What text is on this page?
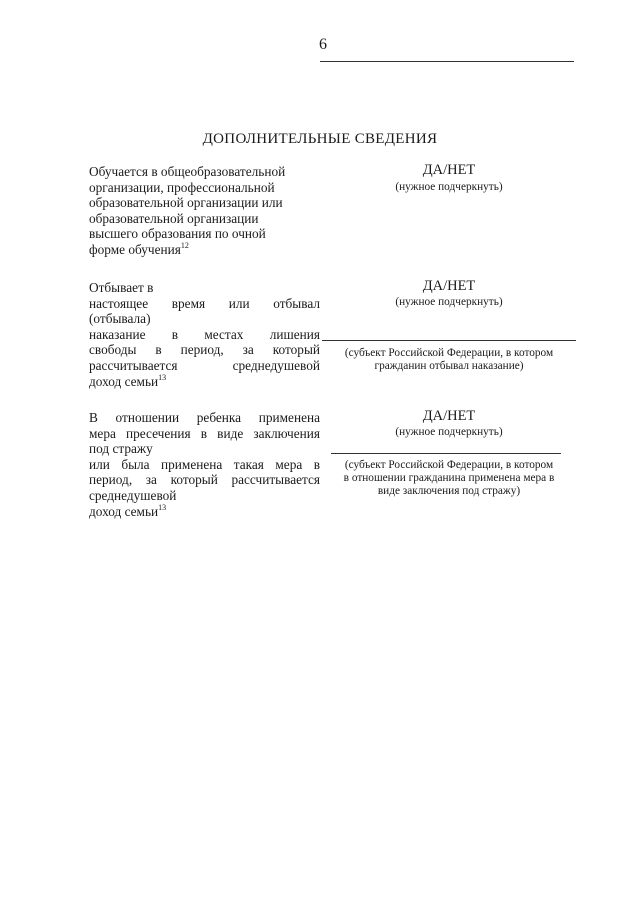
6
ДОПОЛНИТЕЛЬНЫЕ СВЕДЕНИЯ
Обучается в общеобразовательной
организации, профессиональной
образовательной организации или
образовательной организации
высшего образования по очной
форме обучения$^{12}$
ДА/НЕТ
(нужное подчеркнуть)
Отбывает в
настоящее время или отбывал
(отбывала)
наказание в местах лишения
свободы в период, за который
рассчитывается среднедушевой
доход семьи$^{13}$
ДА/НЕТ
(нужное подчеркнуть)
(субъект Российской Федерации, в котором
гражданин отбывал наказание)
В отношении ребенка применена
мера пресечения в виде заключения
под стражу
или была применена такая мера в
период, за который рассчитывается
среднедушевой
доход семьи$^{13}$
ДА/НЕТ
(нужное подчеркнуть)
(субъект Российской Федерации, в котором
в отношении гражданина применена мера в
виде заключения под стражу)
